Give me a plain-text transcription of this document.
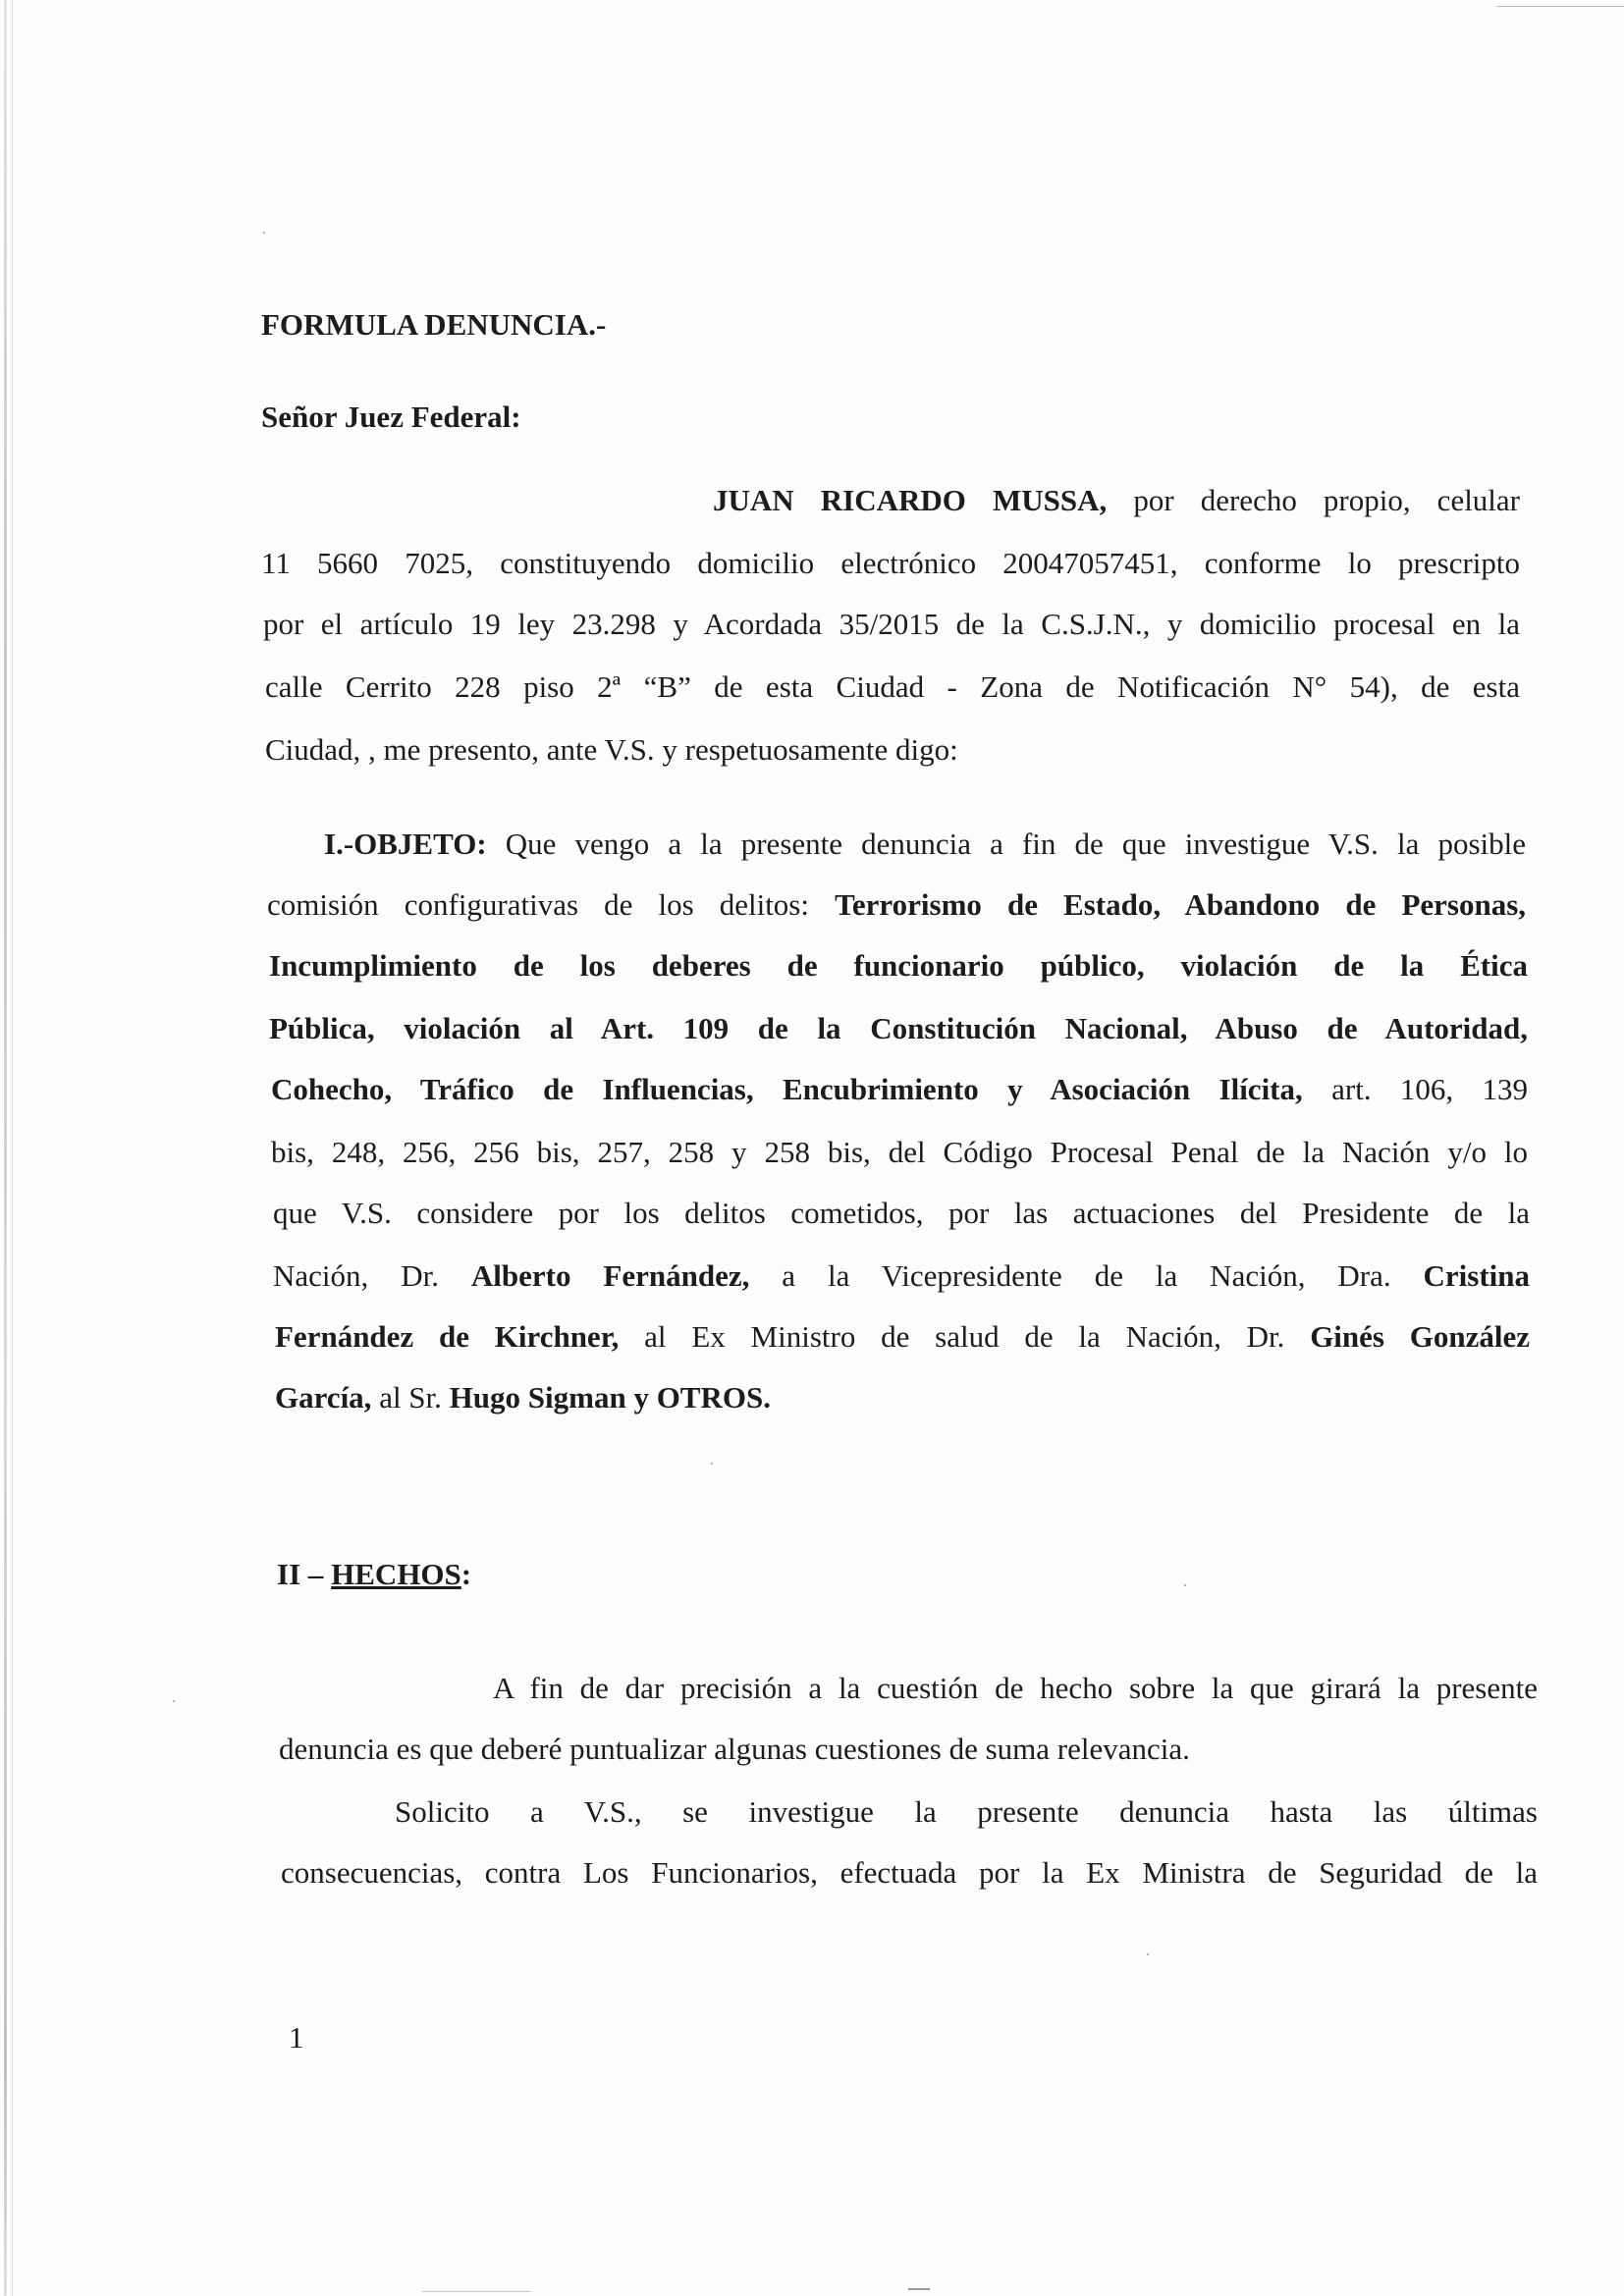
FORMULA DENUNCIA.-
Señor Juez Federal:
JUAN RICARDO MUSSA, por derecho propio, celular
11 5660 7025, constituyendo domicilio electrónico 20047057451, conforme lo prescripto
por el artículo 19 ley 23.298 y Acordada 35/2015 de la C.S.J.N., y domicilio procesal en la
calle Cerrito 228 piso 2ª “B” de esta Ciudad - Zona de Notificación N° 54), de esta
Ciudad, , me presento, ante V.S. y respetuosamente digo:
I.-OBJETO: Que vengo a la presente denuncia a fin de que investigue V.S. la posible
comisión configurativas de los delitos: Terrorismo de Estado, Abandono de Personas,
Incumplimiento de los deberes de funcionario público, violación de la Ética
Pública, violación al Art. 109 de la Constitución Nacional, Abuso de Autoridad,
Cohecho, Tráfico de Influencias, Encubrimiento y Asociación Ilícita, art. 106, 139
bis, 248, 256, 256 bis, 257, 258 y 258 bis, del Código Procesal Penal de la Nación y/o lo
que V.S. considere por los delitos cometidos, por las actuaciones del Presidente de la
Nación, Dr. Alberto Fernández, a la Vicepresidente de la Nación, Dra. Cristina
Fernández de Kirchner, al Ex Ministro de salud de la Nación, Dr. Ginés González
García, al Sr. Hugo Sigman y OTROS.
II – HECHOS:
A fin de dar precisión a la cuestión de hecho sobre la que girará la presente
denuncia es que deberé puntualizar algunas cuestiones de suma relevancia.
Solicito a V.S., se investigue la presente denuncia hasta las últimas
consecuencias, contra Los Funcionarios, efectuada por la Ex Ministra de Seguridad de la
1
